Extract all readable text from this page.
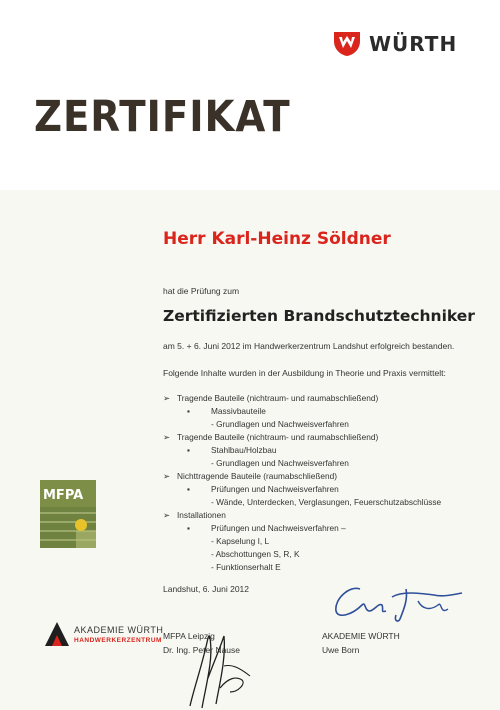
WÜRTH
ZERTIFIKAT
Herr Karl-Heinz Söldner
hat die Prüfung zum
Zertifizierten Brandschutztechniker
am 5. + 6. Juni 2012 im Handwerkerzentrum Landshut erfolgreich bestanden.
Folgende Inhalte wurden in der Ausbildung in Theorie und Praxis vermittelt:
➢ Tragende Bauteile (nichtraum- und raumabschließend)
▪	Massivbauteile
- Grundlagen und Nachweisverfahren
➢ Tragende Bauteile (nichtraum- und raumabschließend)
▪	Stahlbau/Holzbau
- Grundlagen und Nachweisverfahren
➢ Nichttragende Bauteile (raumabschließend)
▪	Prüfungen und Nachweisverfahren
- Wände, Unterdecken, Verglasungen, Feuerschutzabschlüsse
➢ Installationen
▪	Prüfungen und Nachweisverfahren –
- Kapselung I, L
- Abschottungen S, R, K
- Funktionserhalt E
Landshut, 6. Juni 2012
MFPA
AKADEMIE WÜRTH
HANDWERKERZENTRUM MFPA Leipzig
Dr. Ing. Peter Nause
AKADEMIE WÜRTH
Uwe Born
